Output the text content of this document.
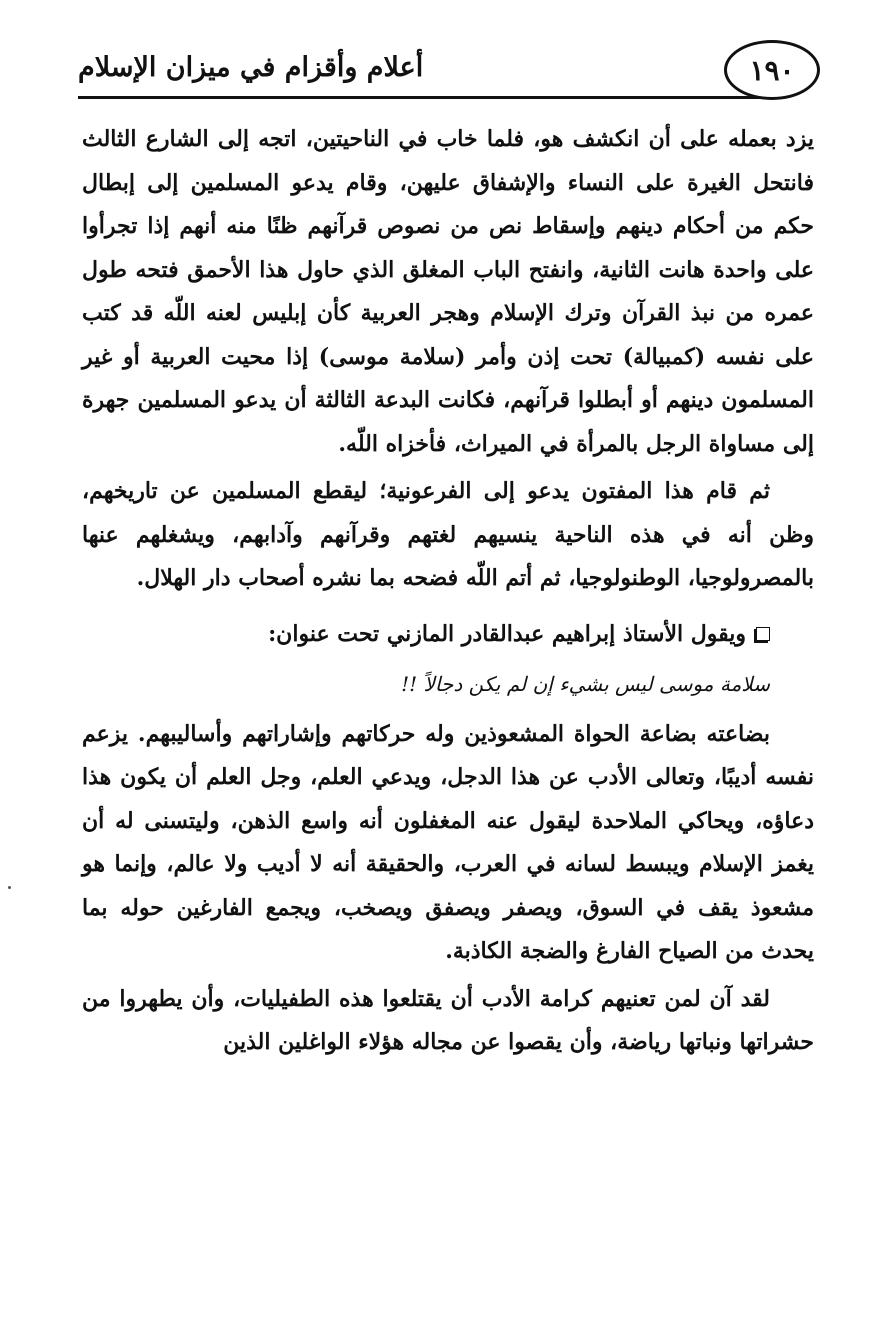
أعلام وأقزام في ميزان الإسلام	١٩٠

يزد بعمله على أن انكشف هو، فلما خاب في الناحيتين، اتجه إلى الشارع الثالث فانتحل الغيرة على النساء والإشفاق عليهن، وقام يدعو المسلمين إلى إبطال حكم من أحكام دينهم وإسقاط نص من نصوص قرآنهم ظنًا منه أنهم إذا تجرأوا على واحدة هانت الثانية، وانفتح الباب المغلق الذي حاول هذا الأحمق فتحه طول عمره من نبذ القرآن وترك الإسلام وهجر العربية كأن إبليس لعنه اللّه قد كتب على نفسه (كمبيالة) تحت إذن وأمر (سلامة موسى) إذا محيت العربية أو غير المسلمون دينهم أو أبطلوا قرآنهم، فكانت البدعة الثالثة أن يدعو المسلمين جهرة إلى مساواة الرجل بالمرأة في الميراث، فأخزاه اللّه.

ثم قام هذا المفتون يدعو إلى الفرعونية؛ ليقطع المسلمين عن تاريخهم، وظن أنه في هذه الناحية ينسيهم لغتهم وقرآنهم وآدابهم، ويشغلهم عنها بالمصرولوجيا، الوطنولوجيا، ثم أتم اللّه فضحه بما نشره أصحاب دار الهلال.

ويقول الأستاذ إبراهيم عبدالقادر المازني تحت عنوان:
سلامة موسى ليس بشيء إن لم يكن دجالاً !!

بضاعته بضاعة الحواة المشعوذين وله حركاتهم وإشاراتهم وأساليبهم. يزعم نفسه أديبًا، وتعالى الأدب عن هذا الدجل، ويدعي العلم، وجل العلم أن يكون هذا دعاؤه، ويحاكي الملاحدة ليقول عنه المغفلون أنه واسع الذهن، وليتسنى له أن يغمز الإسلام ويبسط لسانه في العرب، والحقيقة أنه لا أديب ولا عالم، وإنما هو مشعوذ يقف في السوق، ويصفر ويصفق ويصخب، ويجمع الفارغين حوله بما يحدث من الصياح الفارغ والضجة الكاذبة.

لقد آن لمن تعنيهم كرامة الأدب أن يقتلعوا هذه الطفيليات، وأن يطهروا من حشراتها ونباتها رياضة، وأن يقصوا عن مجاله هؤلاء الواغلين الذين
